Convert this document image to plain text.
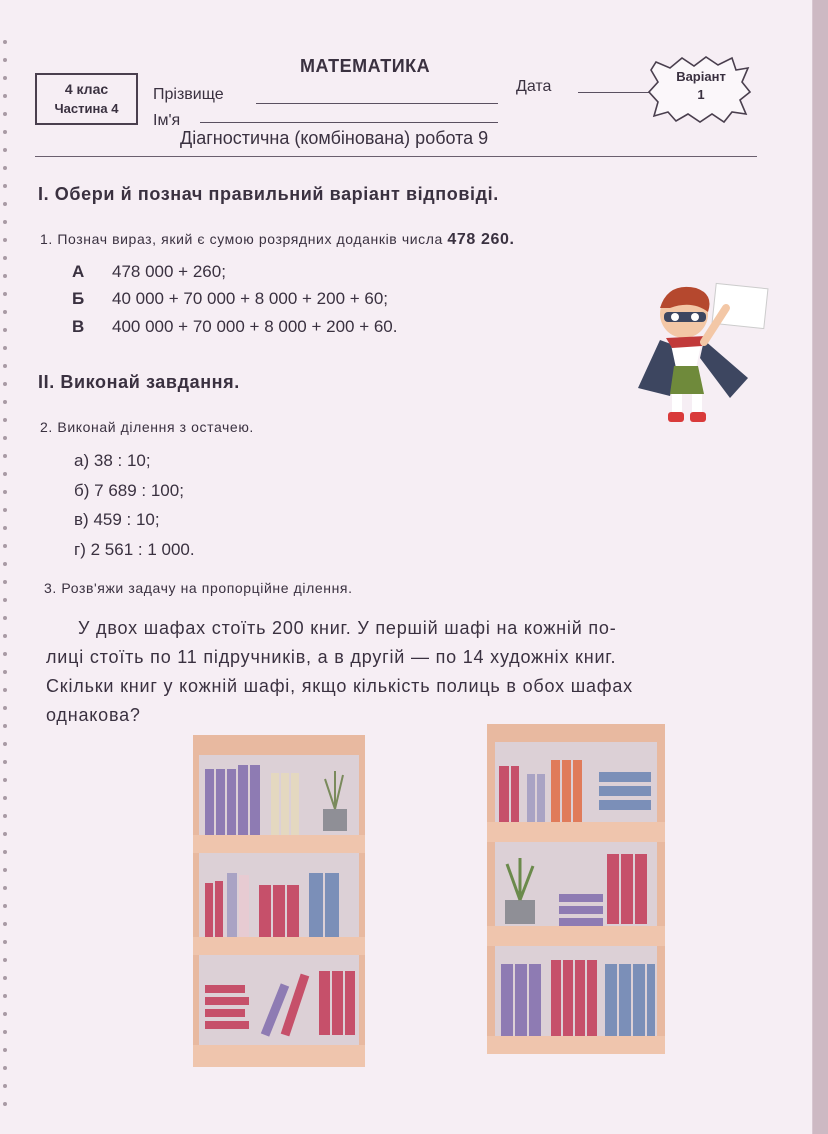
МАТЕМАТИКА
4 клас
Частина 4
Прізвище
Ім'я
Дата
Варіант
1
Діагностична (комбінована) робота 9
I. Обери й познач правильний варіант відповіді.
1. Познач вираз, який є сумою розрядних доданків числа 478 260.
А 478 000 + 260;
Б 40 000 + 70 000 + 8 000 + 200 + 60;
В 400 000 + 70 000 + 8 000 + 200 + 60.
II. Виконай завдання.
2. Виконай ділення з остачею.
а) 38 : 10;
б) 7 689 : 100;
в) 459 : 10;
г) 2 561 : 1 000.
3. Розв'яжи задачу на пропорційне ділення.
У двох шафах стоїть 200 книг. У першій шафі на кожній по-
лиці стоїть по 11 підручників, а в другій — по 14 художніх книг.
Скільки книг у кожній шафі, якщо кількість полиць в обох шафах
однакова?
